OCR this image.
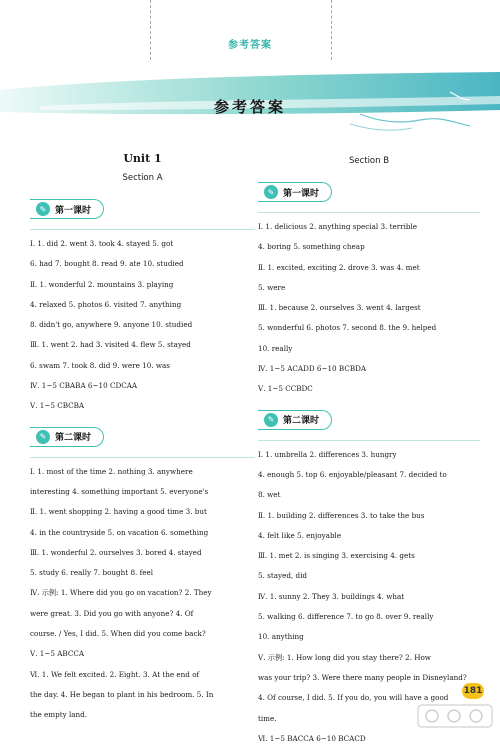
参考答案
参考答案
Unit 1
Section A
✎ 第一课时

Ⅰ. 1. did 2. went 3. took 4. stayed 5. got

6. had 7. bought 8. read 9. ate 10. studied

Ⅱ. 1. wonderful 2. mountains 3. playing

4. relaxed 5. photos 6. visited 7. anything

8. didn't go, anywhere 9. anyone 10. studied

Ⅲ. 1. went 2. had 3. visited 4. flew 5. stayed

6. swam 7. took 8. did 9. were 10. was

Ⅳ. 1~5 CBABA 6~10 CDCAA

Ⅴ. 1~5 CBCBA

✎ 第二课时

Ⅰ. 1. most of the time 2. nothing 3. anywhere

interesting 4. something important 5. everyone's

Ⅱ. 1. went shopping 2. having a good time 3. but

4. in the countryside 5. on vacation 6. something

Ⅲ. 1. wonderful 2. ourselves 3. bored 4. stayed

5. study 6. really 7. bought 8. feel

Ⅳ. 示例: 1. Where did you go on vacation? 2. They

were great. 3. Did you go with anyone? 4. Of

course. / Yes, I did. 5. When did you come back?

Ⅴ. 1~5 ABCCA

Ⅵ. 1. We felt excited. 2. Eight. 3. At the end of

the day. 4. He began to plant in his bedroom. 5. In

the empty land.

Section B
✎ 第一课时

Ⅰ. 1. delicious 2. anything special 3. terrible

4. boring 5. something cheap

Ⅱ. 1. excited, exciting 2. drove 3. was 4. met

5. were

Ⅲ. 1. because 2. ourselves 3. went 4. largest

5. wonderful 6. photos 7. second 8. the 9. helped

10. really

Ⅳ. 1~5 ACADD 6~10 BCBDA

Ⅴ. 1~5 CCBDC

✎ 第二课时

Ⅰ. 1. umbrella 2. differences 3. hungry

4. enough 5. top 6. enjoyable/pleasant 7. decided to

8. wet

Ⅱ. 1. building 2. differences 3. to take the bus

4. felt like 5. enjoyable

Ⅲ. 1. met 2. is singing 3. exercising 4. gets

5. stayed, did

Ⅳ. 1. sunny 2. They 3. buildings 4. what

5. walking 6. difference 7. to go 8. over 9. really

10. anything

Ⅴ. 示例: 1. How long did you stay there? 2. How

was your trip? 3. Were there many people in Disneyland?

4. Of course, I did. 5. If you do, you will have a good

time.

Ⅵ. 1~5 BACCA 6~10 BCACD

181
